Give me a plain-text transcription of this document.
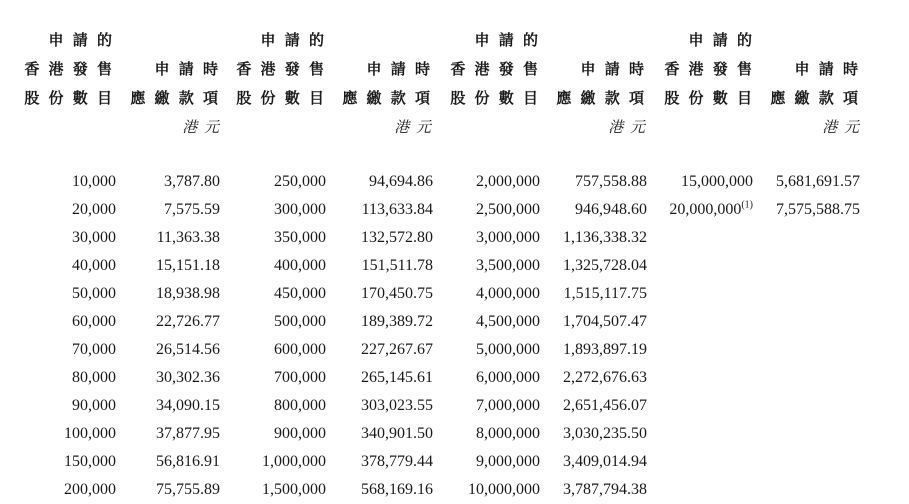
申 請 的
香 港 發 售
股 份 數 目
申 請 時
應 繳 款 項
港 元
申 請 的
香 港 發 售
股 份 數 目
申 請 時
應 繳 款 項
港 元
申 請 的
香 港 發 售
股 份 數 目
申 請 時
應 繳 款 項
港 元
申 請 的
香 港 發 售
股 份 數 目
申 請 時
應 繳 款 項
港 元
10,000
20,000
30,000
40,000
50,000
60,000
70,000
80,000
90,000
100,000
150,000
200,000
3,787.80
7,575.59
11,363.38
15,151.18
18,938.98
22,726.77
26,514.56
30,302.36
34,090.15
37,877.95
56,816.91
75,755.89
250,000
300,000
350,000
400,000
450,000
500,000
600,000
700,000
800,000
900,000
1,000,000
1,500,000
94,694.86
113,633.84
132,572.80
151,511.78
170,450.75
189,389.72
227,267.67
265,145.61
303,023.55
340,901.50
378,779.44
568,169.16
2,000,000
2,500,000
3,000,000
3,500,000
4,000,000
4,500,000
5,000,000
6,000,000
7,000,000
8,000,000
9,000,000
10,000,000
757,558.88
946,948.60
1,136,338.32
1,325,728.04
1,515,117.75
1,704,507.47
1,893,897.19
2,272,676.63
2,651,456.07
3,030,235.50
3,409,014.94
3,787,794.38
15,000,000
20,000,000$^{(1)}$
5,681,691.57
7,575,588.75
